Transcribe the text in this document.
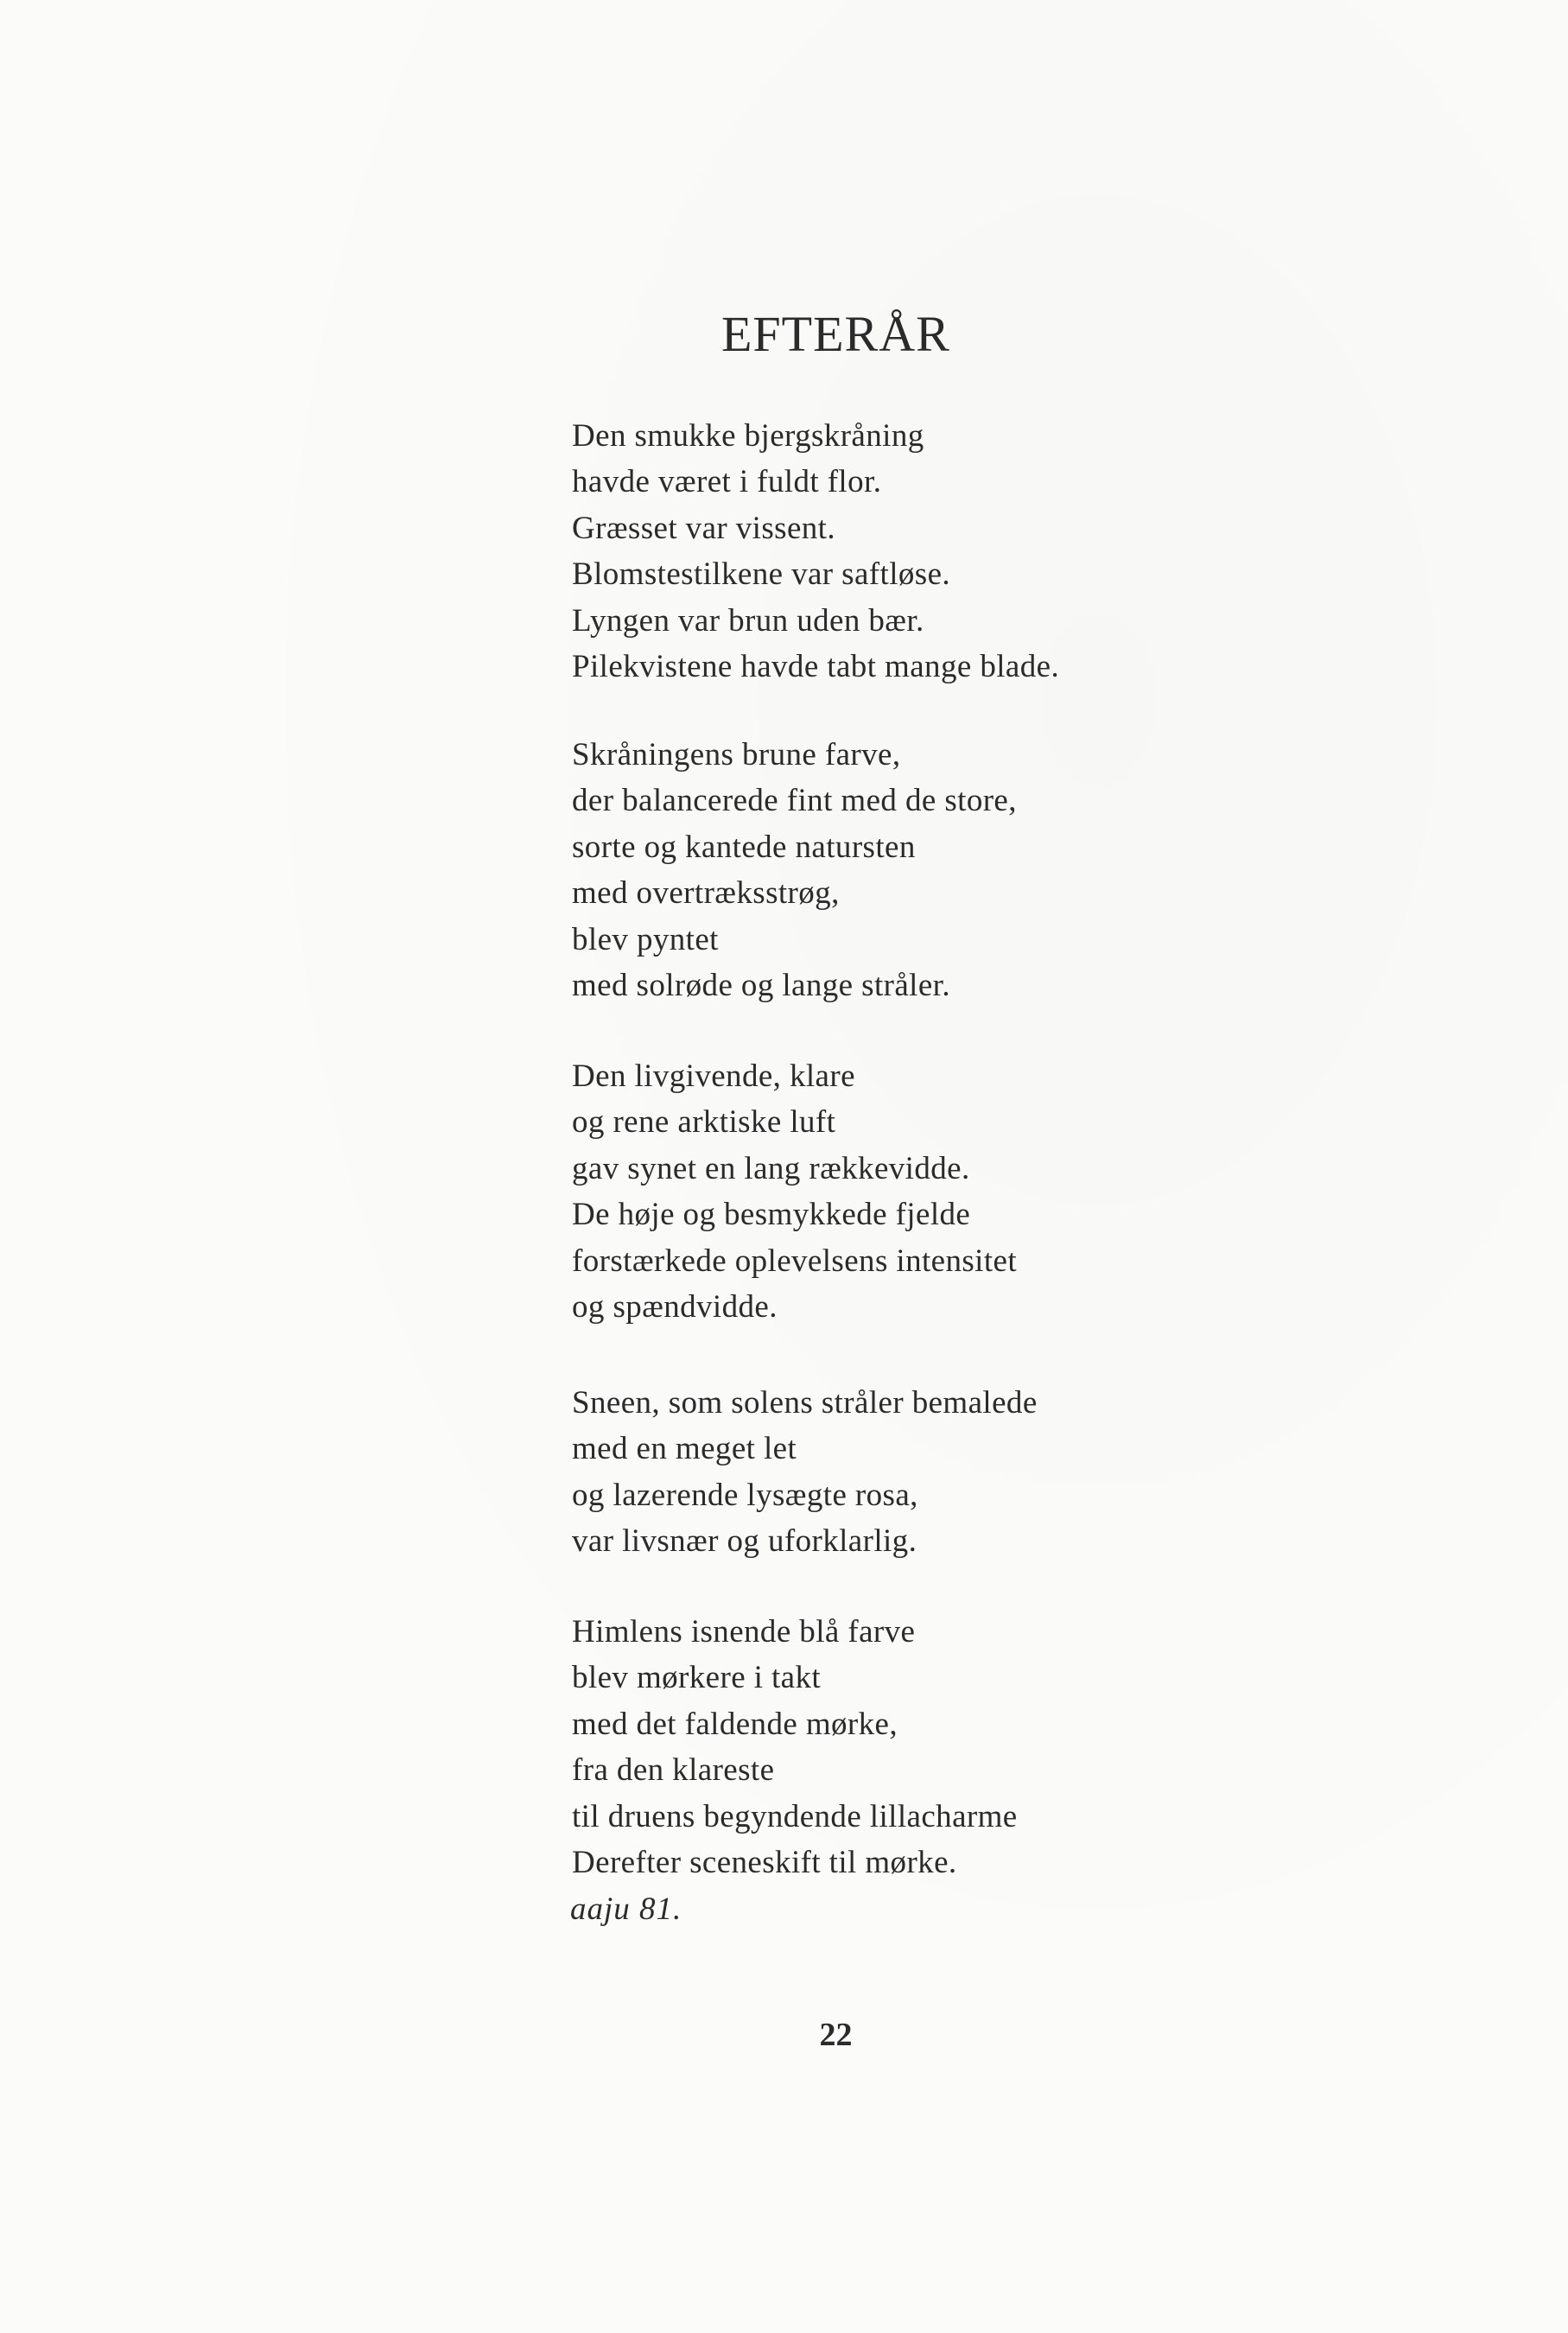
EFTERÅR
Den smukke bjergskråning
havde været i fuldt flor.
Græsset var vissent.
Blomstestilkene var saftløse.
Lyngen var brun uden bær.
Pilekvistene havde tabt mange blade.
Skråningens brune farve,
der balancerede fint med de store,
sorte og kantede natursten
med overtræksstrøg,
blev pyntet
med solrøde og lange stråler.
Den livgivende, klare
og rene arktiske luft
gav synet en lang rækkevidde.
De høje og besmykkede fjelde
forstærkede oplevelsens intensitet
og spændvidde.
Sneen, som solens stråler bemalede
med en meget let
og lazerende lysægte rosa,
var livsnær og uforklarlig.
Himlens isnende blå farve
blev mørkere i takt
med det faldende mørke,
fra den klareste
til druens begyndende lillacharme
Derefter sceneskift til mørke.
aaju 81.
22
